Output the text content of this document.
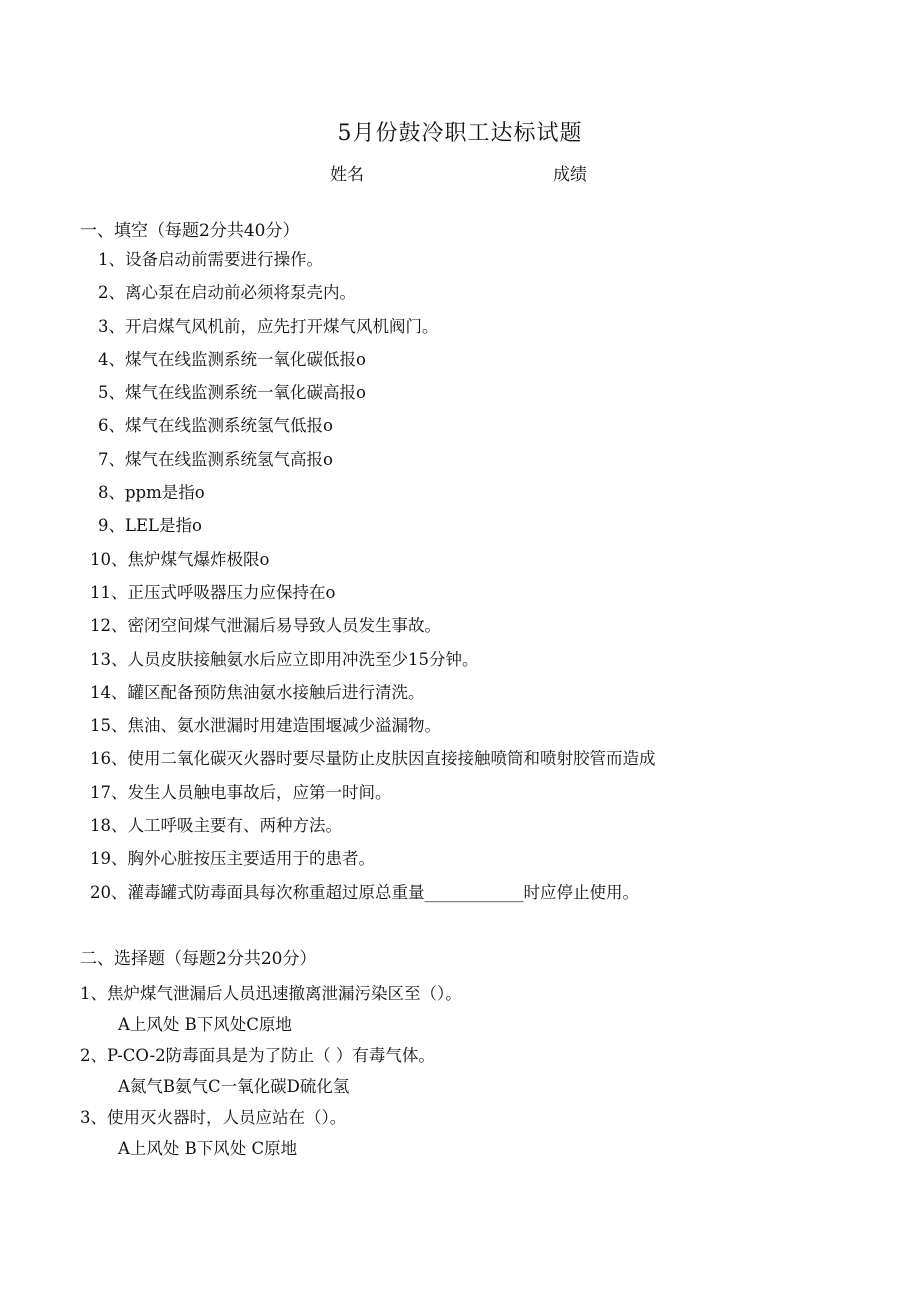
5月份鼓冷职工达标试题
姓名	成绩
一、填空（每题2分共40分）
1、设备启动前需要进行操作。
2、离心泵在启动前必须将泵壳内。
3、开启煤气风机前，应先打开煤气风机阀门。
4、煤气在线监测系统一氧化碳低报o
5、煤气在线监测系统一氧化碳高报o
6、煤气在线监测系统氢气低报o
7、煤气在线监测系统氢气高报o
8、ppm是指o
9、LEL是指o
10、焦炉煤气爆炸极限o
11、正压式呼吸器压力应保持在o
12、密闭空间煤气泄漏后易导致人员发生事故。
13、人员皮肤接触氨水后应立即用冲洗至少15分钟。
14、罐区配备预防焦油氨水接触后进行清洗。
15、焦油、氨水泄漏时用建造围堰减少溢漏物。
16、使用二氧化碳灭火器时要尽量防止皮肤因直接接触喷筒和喷射胶管而造成
17、发生人员触电事故后，应第一时间。
18、人工呼吸主要有、两种方法。
19、胸外心脏按压主要适用于的患者。
20、灌毒罐式防毒面具每次称重超过原总重量____________时应停止使用。
二、选择题（每题2分共20分）
1、焦炉煤气泄漏后人员迅速撤离泄漏污染区至（）。
A上风处 B下风处C原地
2、P-CO-2防毒面具是为了防止（ ）有毒气体。
A氮气B氨气C一氧化碳D硫化氢
3、使用灭火器时，人员应站在（）。
A上风处 B下风处 C原地
